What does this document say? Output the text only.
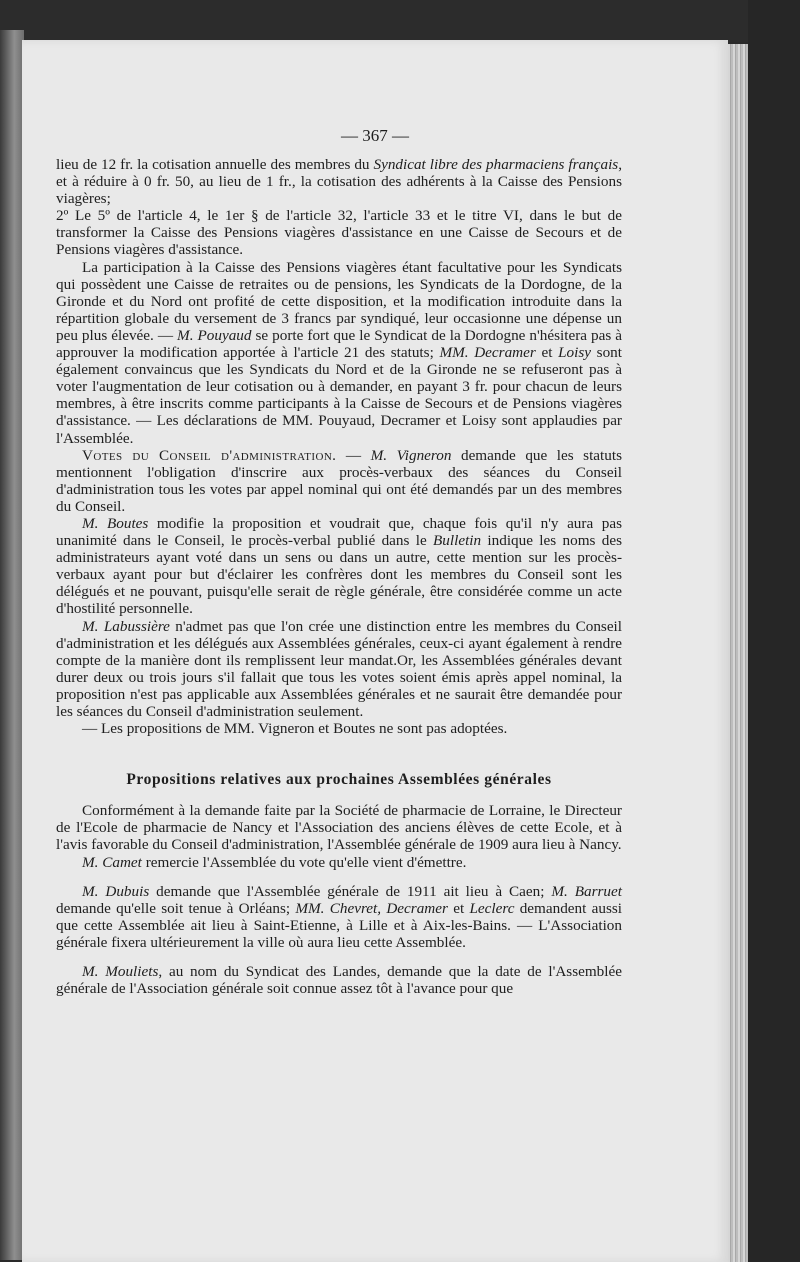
— 367 —

lieu de 12 fr. la cotisation annuelle des membres du Syndicat libre des pharmaciens français, et à réduire à 0 fr. 50, au lieu de 1 fr., la cotisation des adhérents à la Caisse des Pensions viagères;

2º Le 5º de l'article 4, le 1er § de l'article 32, l'article 33 et le titre VI, dans le but de transformer la Caisse des Pensions viagères d'assistance en une Caisse de Secours et de Pensions viagères d'assistance.

La participation à la Caisse des Pensions viagères étant facultative pour les Syndicats qui possèdent une Caisse de retraites ou de pensions, les Syndicats de la Dordogne, de la Gironde et du Nord ont profité de cette disposition, et la modification introduite dans la répartition globale du versement de 3 francs par syndiqué, leur occasionne une dépense un peu plus élevée. — M. Pouyaud se porte fort que le Syndicat de la Dordogne n'hésitera pas à approuver la modification apportée à l'article 21 des statuts; MM. Decramer et Loisy sont également convaincus que les Syndicats du Nord et de la Gironde ne se refuseront pas à voter l'augmentation de leur cotisation ou à demander, en payant 3 fr. pour chacun de leurs membres, à être inscrits comme participants à la Caisse de Secours et de Pensions viagères d'assistance. — Les déclarations de MM. Pouyaud, Decramer et Loisy sont applaudies par l'Assemblée.

Votes du Conseil d'administration. — M. Vigneron demande que les statuts mentionnent l'obligation d'inscrire aux procès-verbaux des séances du Conseil d'administration tous les votes par appel nominal qui ont été demandés par un des membres du Conseil.

M. Boutes modifie la proposition et voudrait que, chaque fois qu'il n'y aura pas unanimité dans le Conseil, le procès-verbal publié dans le Bulletin indique les noms des administrateurs ayant voté dans un sens ou dans un autre, cette mention sur les procès-verbaux ayant pour but d'éclairer les confrères dont les membres du Conseil sont les délégués et ne pouvant, puisqu'elle serait de règle générale, être considérée comme un acte d'hostilité personnelle.

M. Labussière n'admet pas que l'on crée une distinction entre les membres du Conseil d'administration et les délégués aux Assemblées générales, ceux-ci ayant également à rendre compte de la manière dont ils remplissent leur mandat.Or, les Assemblées générales devant durer deux ou trois jours s'il fallait que tous les votes soient émis après appel nominal, la proposition n'est pas applicable aux Assemblées générales et ne saurait être demandée pour les séances du Conseil d'administration seulement.

— Les propositions de MM. Vigneron et Boutes ne sont pas adoptées.

Propositions relatives aux prochaines Assemblées générales

Conformément à la demande faite par la Société de pharmacie de Lorraine, le Directeur de l'Ecole de pharmacie de Nancy et l'Association des anciens élèves de cette Ecole, et à l'avis favorable du Conseil d'administration, l'Assemblée générale de 1909 aura lieu à Nancy.

M. Camet remercie l'Assemblée du vote qu'elle vient d'émettre.

M. Dubuis demande que l'Assemblée générale de 1911 ait lieu à Caen; M. Barruet demande qu'elle soit tenue à Orléans; MM. Chevret, Decramer et Leclerc demandent aussi que cette Assemblée ait lieu à Saint-Etienne, à Lille et à Aix-les-Bains. — L'Association générale fixera ultérieurement la ville où aura lieu cette Assemblée.

M. Mouliets, au nom du Syndicat des Landes, demande que la date de l'Assemblée générale de l'Association générale soit connue assez tôt à l'avance pour que
